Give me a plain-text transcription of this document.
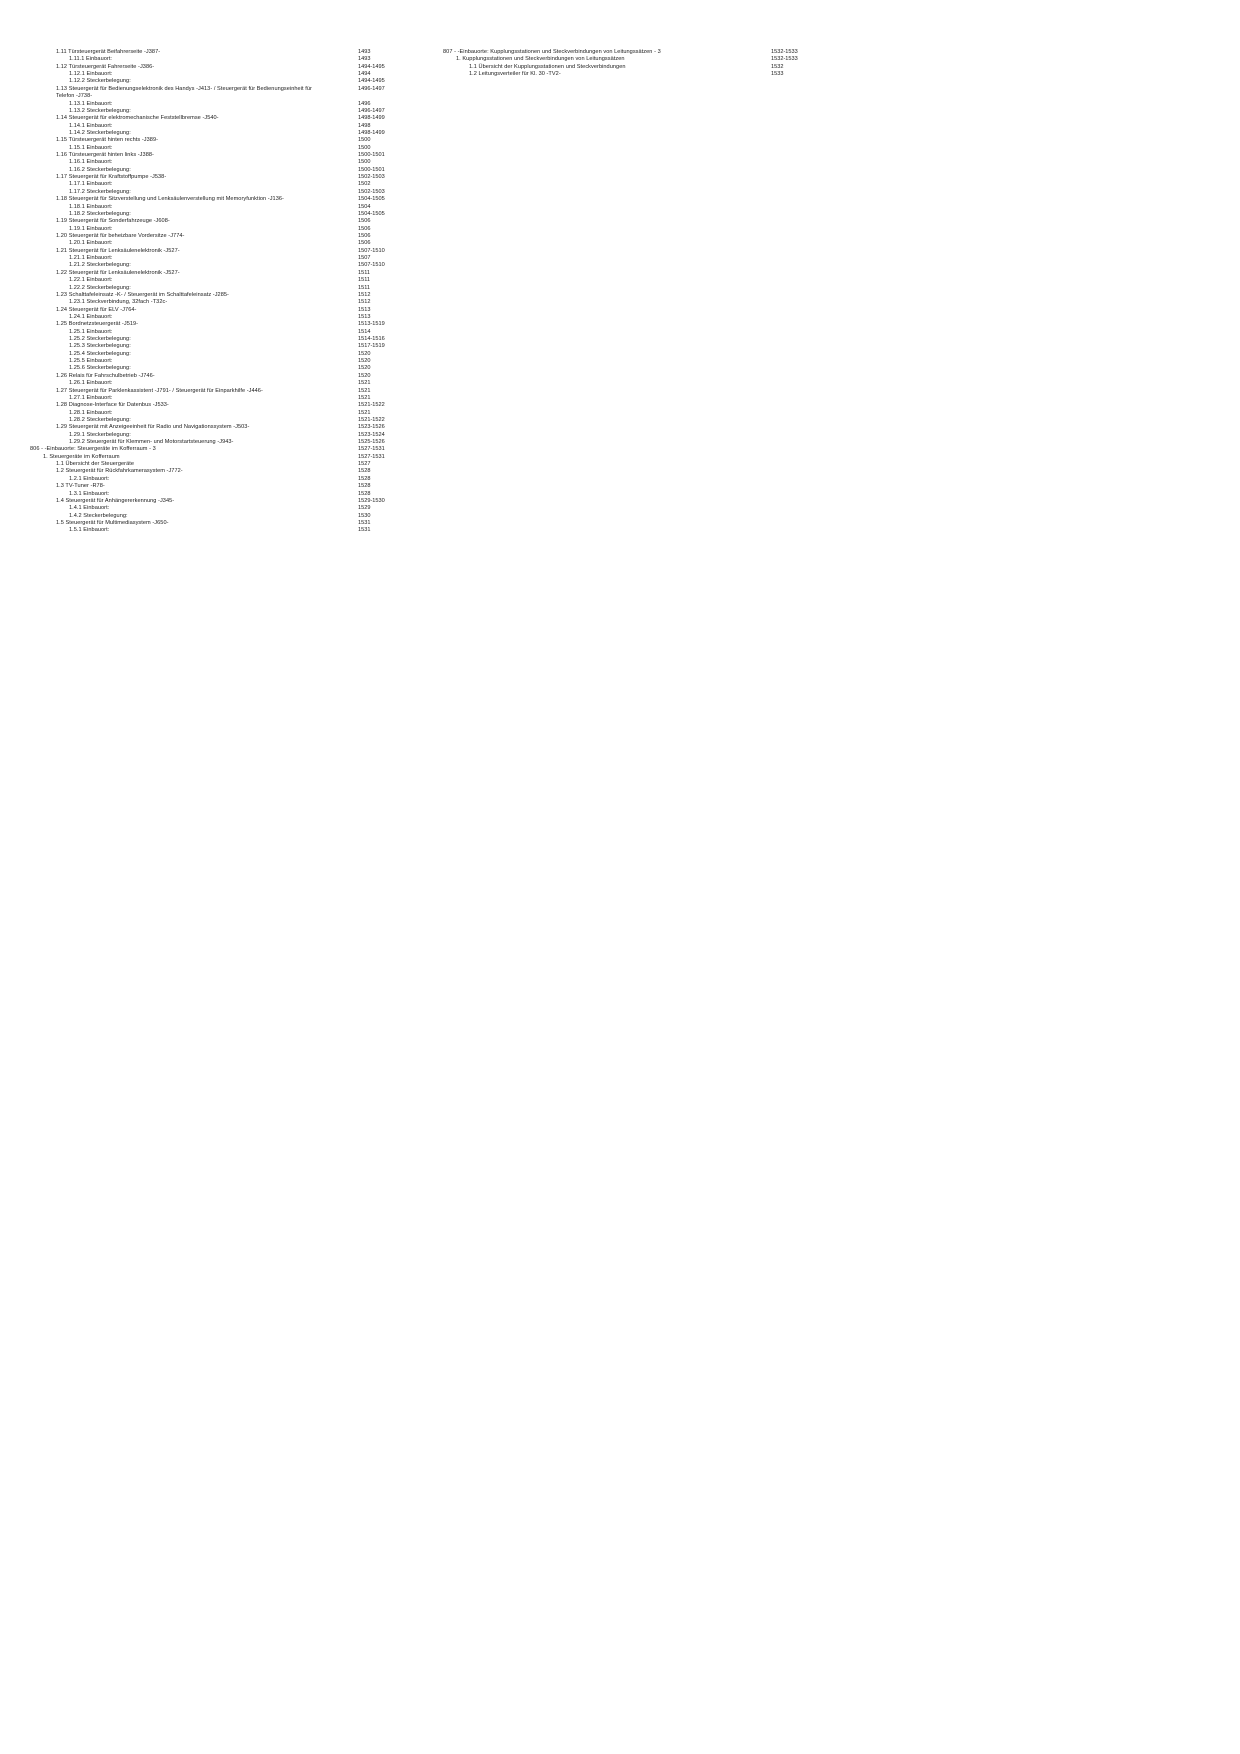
1.11 Türsteuergerät Beifahrerseite -J387-	1493
1.11.1 Einbauort:	1493
1.12 Türsteuergerät Fahrerseite -J386-	1494-1495
1.12.1 Einbauort:	1494
1.12.2 Steckerbelegung:	1494-1495
1.13 Steuergerät für Bedienungselektronik des Handys -J413- / Steuergerät für Bedienungseinheit für	1496-1497
Telefon -J738-
1.13.1 Einbauort:	1496
1.13.2 Steckerbelegung:	1496-1497
1.14 Steuergerät für elektromechanische Feststellbremse -J540-	1498-1499
1.14.1 Einbauort:	1498
1.14.2 Steckerbelegung:	1498-1499
1.15 Türsteuergerät hinten rechts -J389-	1500
1.15.1 Einbauort:	1500
1.16 Türsteuergerät hinten links -J388-	1500-1501
1.16.1 Einbauort:	1500
1.16.2 Steckerbelegung:	1500-1501
1.17 Steuergerät für Kraftstoffpumpe -J538-	1502-1503
1.17.1 Einbauort:	1502
1.17.2 Steckerbelegung:	1502-1503
1.18 Steuergerät für Sitzverstellung und Lenksäulenverstellung mit Memoryfunktion -J136-	1504-1505
1.18.1 Einbauort:	1504
1.18.2 Steckerbelegung:	1504-1505
1.19 Steuergerät für Sonderfahrzeuge -J608-	1506
1.19.1 Einbauort:	1506
1.20 Steuergerät für beheizbare Vordersitze -J774-	1506
1.20.1 Einbauort:	1506
1.21 Steuergerät für Lenksäulenelektronik -J527-	1507-1510
1.21.1 Einbauort:	1507
1.21.2 Steckerbelegung:	1507-1510
1.22 Steuergerät für Lenksäulenelektronik -J527-	1511
1.22.1 Einbauort:	1511
1.22.2 Steckerbelegung:	1511
1.23 Schalttafeleinsatz -K- / Steuergerät im Schalttafeleinsatz -J285-	1512
1.23.1 Steckverbindung, 32fach -T32c-	1512
1.24 Steuergerät für ELV -J764-	1513
1.24.1 Einbauort:	1513
1.25 Bordnetzsteuergerät -J519-	1513-1519
1.25.1 Einbauort:	1514
1.25.2 Steckerbelegung:	1514-1516
1.25.3 Steckerbelegung:	1517-1519
1.25.4 Steckerbelegung:	1520
1.25.5 Einbauort:	1520
1.25.6 Steckerbelegung:	1520
1.26 Relais für Fahrschulbetrieb -J746-	1520
1.26.1 Einbauort:	1521
1.27 Steuergerät für Parklenkassistent -J791- / Steuergerät für Einparkhilfe -J446-	1521
1.27.1 Einbauort:	1521
1.28 Diagnose-Interface für Datenbus -J533-	1521-1522
1.28.1 Einbauort:	1521
1.28.2 Steckerbelegung:	1521-1522
1.29 Steuergerät mit Anzeigeeinheit für Radio und Navigationssystem -J503-	1523-1526
1.29.1 Steckerbelegung:	1523-1524
1.29.2 Steuergerät für Klemmen- und Motorstartsteuerung -J943-	1525-1526
806 - -Einbauorte: Steuergeräte im Kofferraum - 3	1527-1531
1. Steuergeräte im Kofferraum	1527-1531
1.1 Übersicht der Steuergeräte	1527
1.2 Steuergerät für Rückfahrkamerasystem -J772-	1528
1.2.1 Einbauort:	1528
1.3 TV-Tuner -R78-	1528
1.3.1 Einbauort:	1528
1.4 Steuergerät für Anhängererkennung -J345-	1529-1530
1.4.1 Einbauort:	1529
1.4.2 Steckerbelegung:	1530
1.5 Steuergerät für Multimediasystem -J650-	1531
1.5.1 Einbauort:	1531
807 - -Einbauorte: Kupplungsstationen und Steckverbindungen von Leitungssätzen - 3	1532-1533
1. Kupplungsstationen und Steckverbindungen von Leitungssätzen	1532-1533
1.1 Übersicht der Kupplungsstationen und Steckverbindungen	1532
1.2 Leitungsverteiler für Kl. 30 -TV2-	1533
